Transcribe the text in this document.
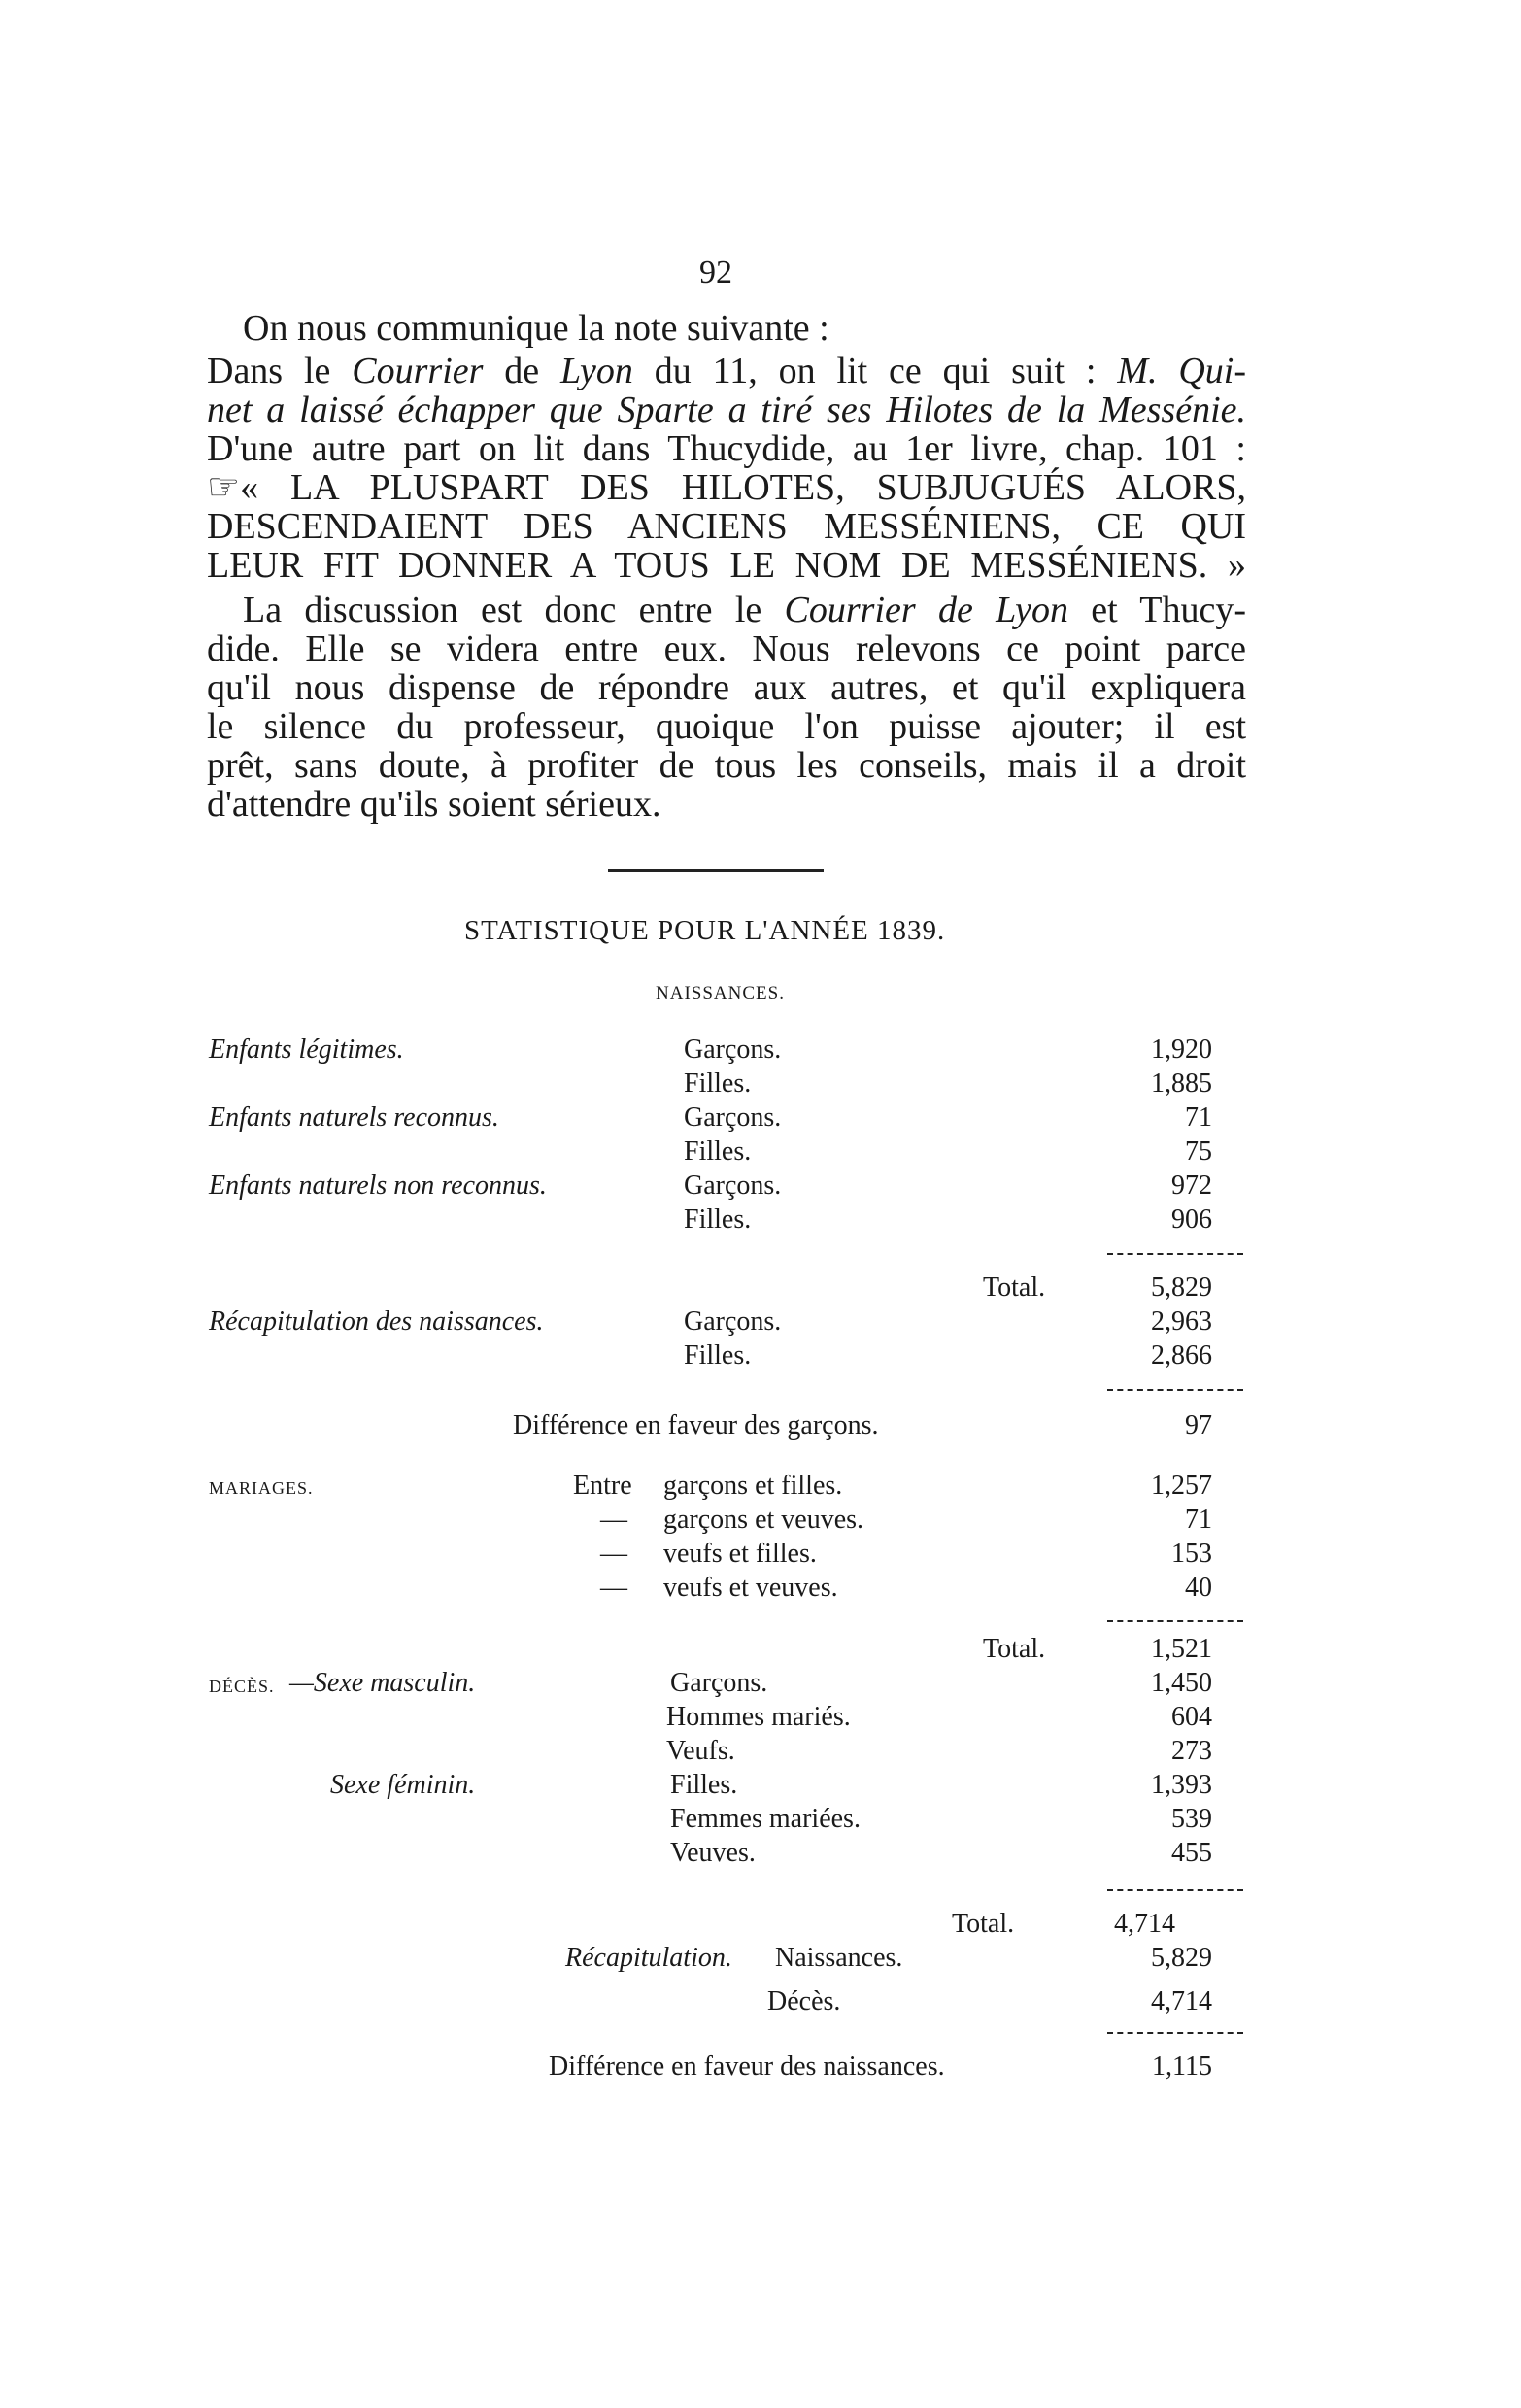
92
On nous communique la note suivante :
Dans le Courrier de Lyon du 11, on lit ce qui suit : M. Qui-
net a laissé échapper que Sparte a tiré ses Hilotes de la Messénie.
D'une autre part on lit dans Thucydide, au 1er livre, chap. 101 :
☞« LA PLUSPART DES HILOTES, SUBJUGUÉS ALORS,
DESCENDAIENT DES ANCIENS MESSÉNIENS, CE QUI
LEUR FIT DONNER A TOUS LE NOM DE MESSÉNIENS. »
La discussion est donc entre le Courrier de Lyon et Thucy-
dide. Elle se videra entre eux. Nous relevons ce point parce
qu'il nous dispense de répondre aux autres, et qu'il expliquera
le silence du professeur, quoique l'on puisse ajouter; il est
prêt, sans doute, à profiter de tous les conseils, mais il a droit
d'attendre qu'ils soient sérieux.
STATISTIQUE POUR L'ANNÉE 1839.
NAISSANCES.
Enfants légitimes.	Garçons.	1,920
Filles.	1,885
Enfants naturels reconnus.	Garçons.	71
Filles.	75
Enfants naturels non reconnus.	Garçons.	972
Filles.	906
Total.	5,829
Récapitulation des naissances.	Garçons.	2,963
Filles.	2,866
Différence en faveur des garçons.	97
MARIAGES.	Entre garçons et filles.	1,257
— garçons et veuves.	71
— veufs et filles.	153
— veufs et veuves.	40
Total.	1,521
DÉCÈS. —Sexe masculin.	Garçons.	1,450
Hommes mariés.	604
Veufs.	273
Sexe féminin.	Filles.	1,393
Femmes mariées.	539
Veuves.	455
Total.	4,714
Récapitulation. Naissances.	5,829
Décès.	4,714
Différence en faveur des naissances.	1,115
